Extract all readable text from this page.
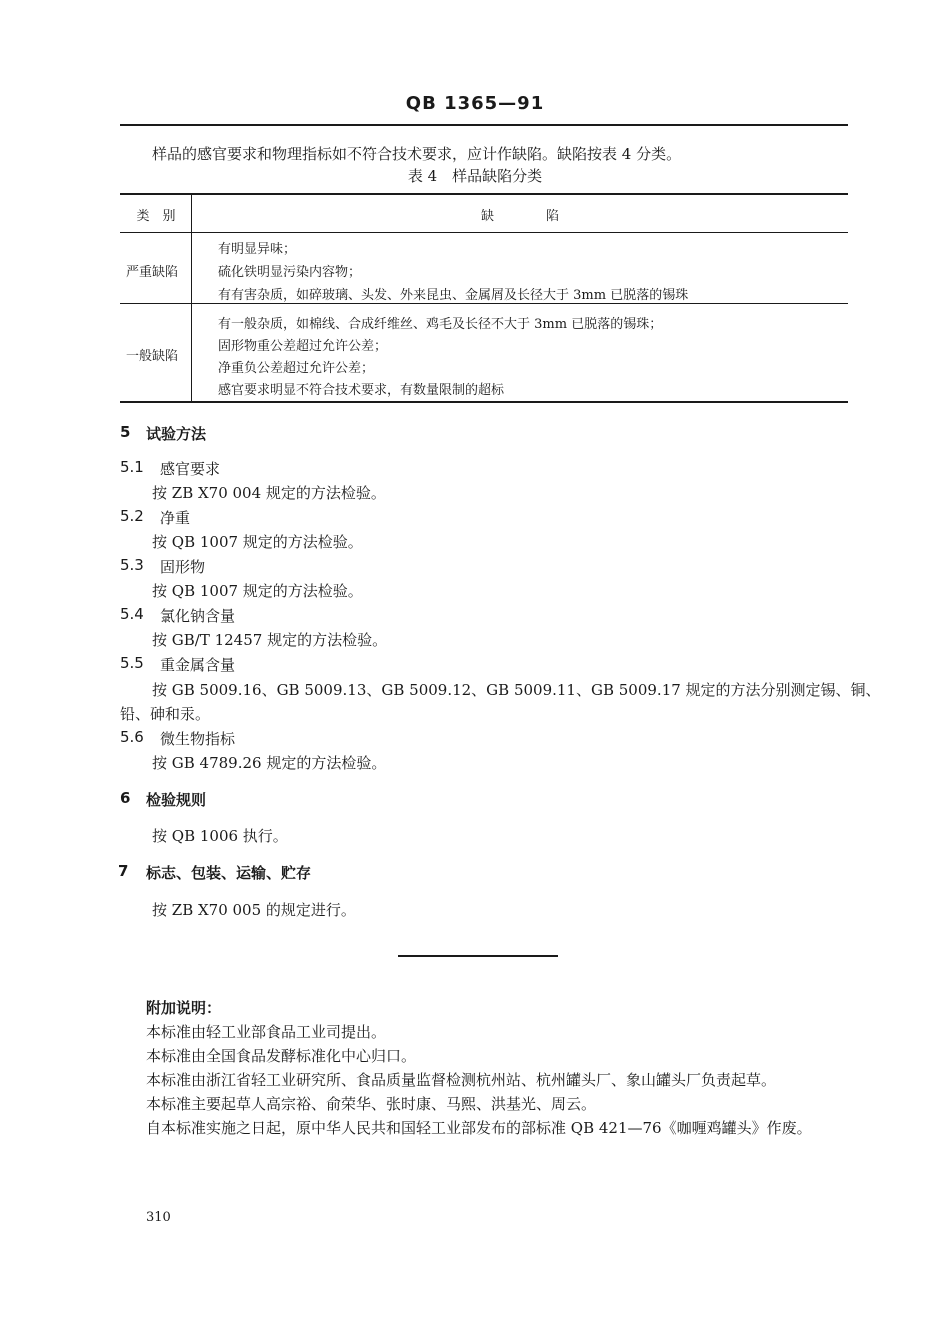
QB 1365—91
样品的感官要求和物理指标如不符合技术要求，应计作缺陷。缺陷按表 4 分类。
表 4　样品缺陷分类
类　别	缺　　　　陷
严重缺陷
有明显异味；
硫化铁明显污染内容物；
有有害杂质，如碎玻璃、头发、外来昆虫、金属屑及长径大于 3mm 已脱落的锡珠
一般缺陷
有一般杂质，如棉线、合成纤维丝、鸡毛及长径不大于 3mm 已脱落的锡珠；
固形物重公差超过允许公差；
净重负公差超过允许公差；
感官要求明显不符合技术要求，有数量限制的超标
5 试验方法
5.1 感官要求
按 ZB X70 004 规定的方法检验。
5.2 净重
按 QB 1007 规定的方法检验。
5.3 固形物
按 QB 1007 规定的方法检验。
5.4 氯化钠含量
按 GB/T 12457 规定的方法检验。
5.5 重金属含量
按 GB 5009.16、GB 5009.13、GB 5009.12、GB 5009.11、GB 5009.17 规定的方法分别测定锡、铜、
铅、砷和汞。
5.6 微生物指标
按 GB 4789.26 规定的方法检验。
6 检验规则
按 QB 1006 执行。
7 标志、包装、运输、贮存
按 ZB X70 005 的规定进行。
附加说明：
本标准由轻工业部食品工业司提出。
本标准由全国食品发酵标准化中心归口。
本标准由浙江省轻工业研究所、食品质量监督检测杭州站、杭州罐头厂、象山罐头厂负责起草。
本标准主要起草人高宗裕、俞荣华、张时康、马熙、洪基光、周云。
自本标准实施之日起，原中华人民共和国轻工业部发布的部标准 QB 421—76《咖喱鸡罐头》作废。
310
